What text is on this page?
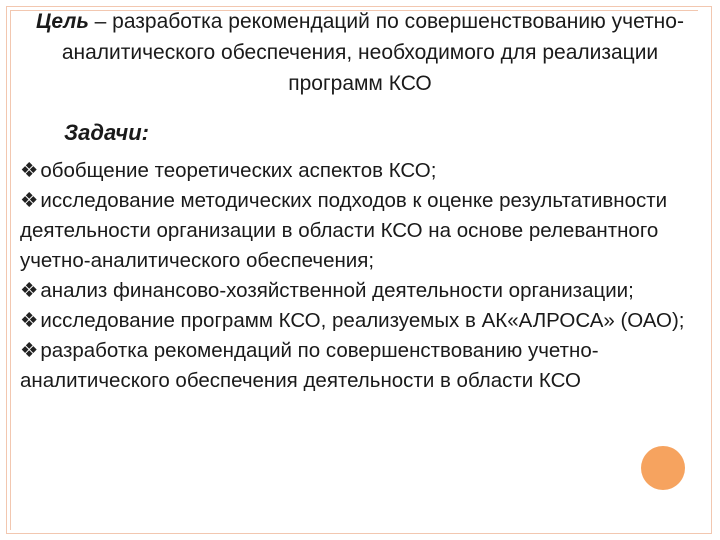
Цель – разработка рекомендаций по совершенствованию учетно-аналитического обеспечения, необходимого для реализации программ КСО
Задачи:

❖обобщение теоретических аспектов КСО;

❖исследование методических подходов к оценке результативности деятельности организации в области КСО на основе релевантного учетно-аналитического обеспечения;

❖анализ финансово-хозяйственной деятельности организации;

❖исследование программ КСО, реализуемых в АК«АЛРОСА» (ОАО);

❖разработка рекомендаций по совершенствованию учетно-аналитического обеспечения деятельности в области КСО
